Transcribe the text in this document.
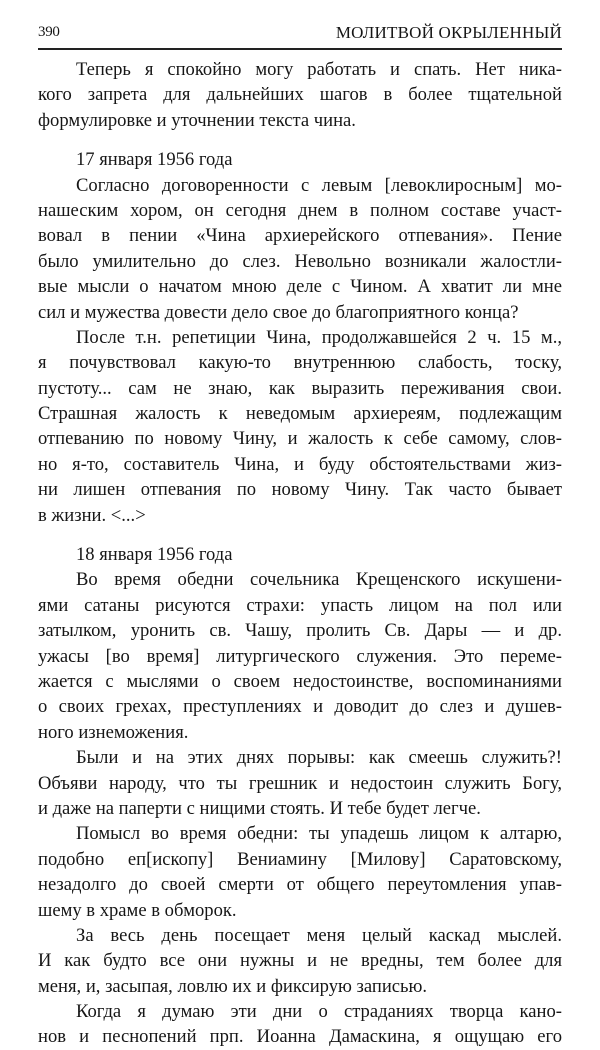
390	МОЛИТВОЙ ОКРЫЛЕННЫЙ
Теперь я спокойно могу работать и спать. Нет ника-
кого запрета для дальнейших шагов в более тщательной
формулировке и уточнении текста чина.
17 января 1956 года
Согласно договоренности с левым [левоклиросным] мо-
нашеским хором, он сегодня днем в полном составе участ-
вовал в пении «Чина архиерейского отпевания». Пение
было умилительно до слез. Невольно возникали жалостли-
вые мысли о начатом мною деле с Чином. А хватит ли мне
сил и мужества довести дело свое до благоприятного конца?
После т.н. репетиции Чина, продолжавшейся 2 ч. 15 м.,
я почувствовал какую-то внутреннюю слабость, тоску,
пустоту... сам не знаю, как выразить переживания свои.
Страшная жалость к неведомым архиереям, подлежащим
отпеванию по новому Чину, и жалость к себе самому, слов-
но я-то, составитель Чина, и буду обстоятельствами жиз-
ни лишен отпевания по новому Чину. Так часто бывает
в жизни. <...>
18 января 1956 года
Во время обедни сочельника Крещенского искушени-
ями сатаны рисуются страхи: упасть лицом на пол или
затылком, уронить св. Чашу, пролить Св. Дары — и др.
ужасы [во время] литургического служения. Это переме-
жается с мыслями о своем недостоинстве, воспоминаниями
о своих грехах, преступлениях и доводит до слез и душев-
ного изнеможения.
Были и на этих днях порывы: как смеешь служить?!
Объяви народу, что ты грешник и недостоин служить Богу,
и даже на паперти с нищими стоять. И тебе будет легче.
Помысл во время обедни: ты упадешь лицом к алтарю,
подобно еп[ископу] Вениамину [Милову] Саратовскому,
незадолго до своей смерти от общего переутомления упав-
шему в храме в обморок.
За весь день посещает меня целый каскад мыслей.
И как будто все они нужны и не вредны, тем более для
меня, и, засыпая, ловлю их и фиксирую записью.
Когда я думаю эти дни о страданиях творца кано-
нов и песнопений прп. Иоанна Дамаскина, я ощущаю его
